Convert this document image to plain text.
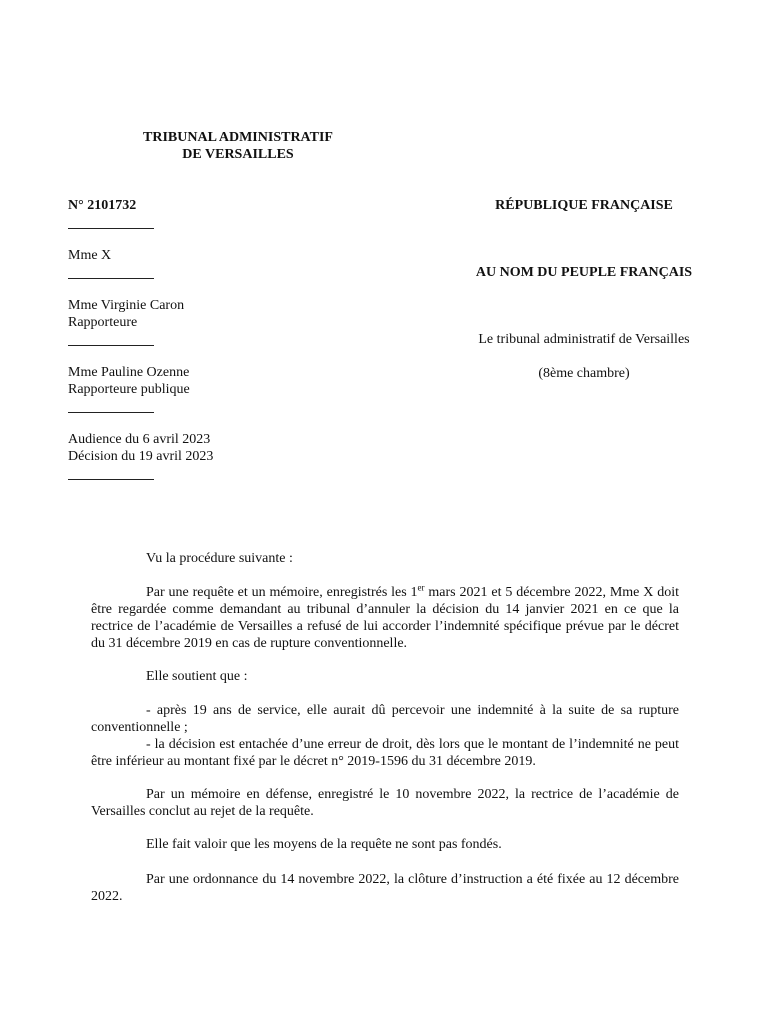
TRIBUNAL ADMINISTRATIF
DE VERSAILLES
N° 2101732
Mme X
Mme Virginie Caron
Rapporteure
Mme Pauline Ozenne
Rapporteure publique
Audience du 6 avril 2023
Décision du 19 avril 2023
RÉPUBLIQUE FRANÇAISE
AU NOM DU PEUPLE FRANÇAIS
Le tribunal administratif de Versailles
(8ème chambre)

Vu la procédure suivante :

Par une requête et un mémoire, enregistrés les 1er mars 2021 et 5 décembre 2022, Mme X doit être regardée comme demandant au tribunal d’annuler la décision du 14 janvier 2021 en ce que la rectrice de l’académie de Versailles a refusé de lui accorder l’indemnité spécifique prévue par le décret du 31 décembre 2019 en cas de rupture conventionnelle.

Elle soutient que :

- après 19 ans de service, elle aurait dû percevoir une indemnité à la suite de sa rupture conventionnelle ;

- la décision est entachée d’une erreur de droit, dès lors que le montant de l’indemnité ne peut être inférieur au montant fixé par le décret n° 2019-1596 du 31 décembre 2019.

Par un mémoire en défense, enregistré le 10 novembre 2022, la rectrice de l’académie de Versailles conclut au rejet de la requête.

Elle fait valoir que les moyens de la requête ne sont pas fondés.

Par une ordonnance du 14 novembre 2022, la clôture d’instruction a été fixée au 12 décembre 2022.
